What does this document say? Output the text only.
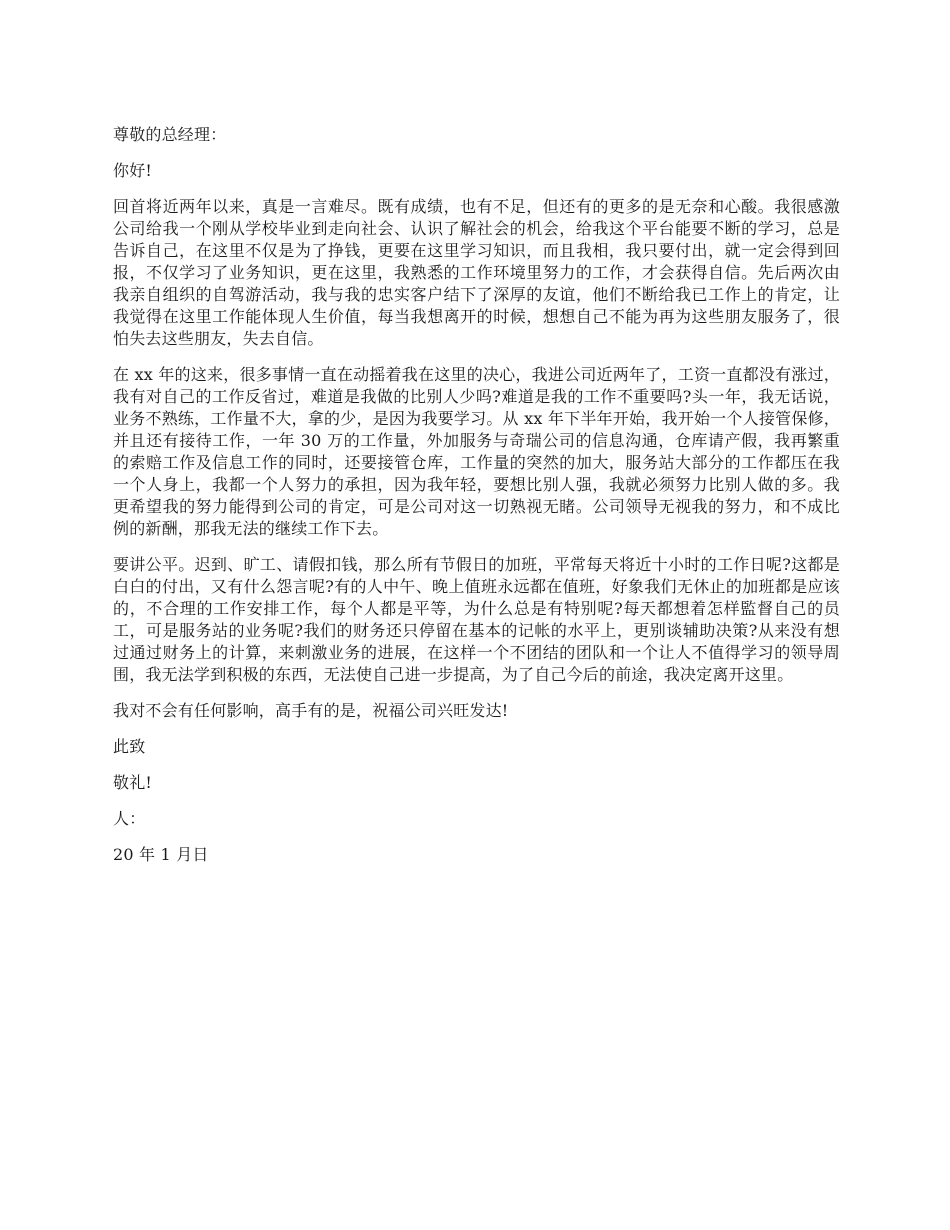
尊敬的总经理：

你好!

回首将近两年以来，真是一言难尽。既有成绩，也有不足，但还有的更多的是无奈和心酸。我很感激公司给我一个刚从学校毕业到走向社会、认识了解社会的机会，给我这个平台能要不断的学习，总是告诉自己，在这里不仅是为了挣钱，更要在这里学习知识，而且我相，我只要付出，就一定会得到回报，不仅学习了业务知识，更在这里，我熟悉的工作环境里努力的工作，才会获得自信。先后两次由我亲自组织的自驾游活动，我与我的忠实客户结下了深厚的友谊，他们不断给我已工作上的肯定，让我觉得在这里工作能体现人生价值，每当我想离开的时候，想想自己不能为再为这些朋友服务了，很怕失去这些朋友，失去自信。

在 xx 年的这来，很多事情一直在动摇着我在这里的决心，我进公司近两年了，工资一直都没有涨过，我有对自己的工作反省过，难道是我做的比别人少吗?难道是我的工作不重要吗?头一年，我无话说，业务不熟练，工作量不大，拿的少，是因为我要学习。从 xx 年下半年开始，我开始一个人接管保修，并且还有接待工作，一年 30 万的工作量，外加服务与奇瑞公司的信息沟通，仓库请产假，我再繁重的索赔工作及信息工作的同时，还要接管仓库，工作量的突然的加大，服务站大部分的工作都压在我一个人身上，我都一个人努力的承担，因为我年轻，要想比别人强，我就必须努力比别人做的多。我更希望我的努力能得到公司的肯定，可是公司对这一切熟视无睹。公司领导无视我的努力，和不成比例的新酬，那我无法的继续工作下去。

要讲公平。迟到、旷工、请假扣钱，那么所有节假日的加班，平常每天将近十小时的工作日呢?这都是白白的付出，又有什么怨言呢?有的人中午、晚上值班永远都在值班，好象我们无休止的加班都是应该的，不合理的工作安排工作，每个人都是平等，为什么总是有特别呢?每天都想着怎样監督自己的员工，可是服务站的业务呢?我们的财务还只停留在基本的记帐的水平上，更别谈辅助决策?从来没有想过通过财务上的计算，来刺激业务的进展，在这样一个不团结的团队和一个让人不值得学习的领导周围，我无法学到积极的东西，无法使自己进一步提高，为了自己今后的前途，我决定离开这里。

我对不会有任何影响，高手有的是，祝福公司兴旺发达!

此致

敬礼!

人：

20 年 1 月日
